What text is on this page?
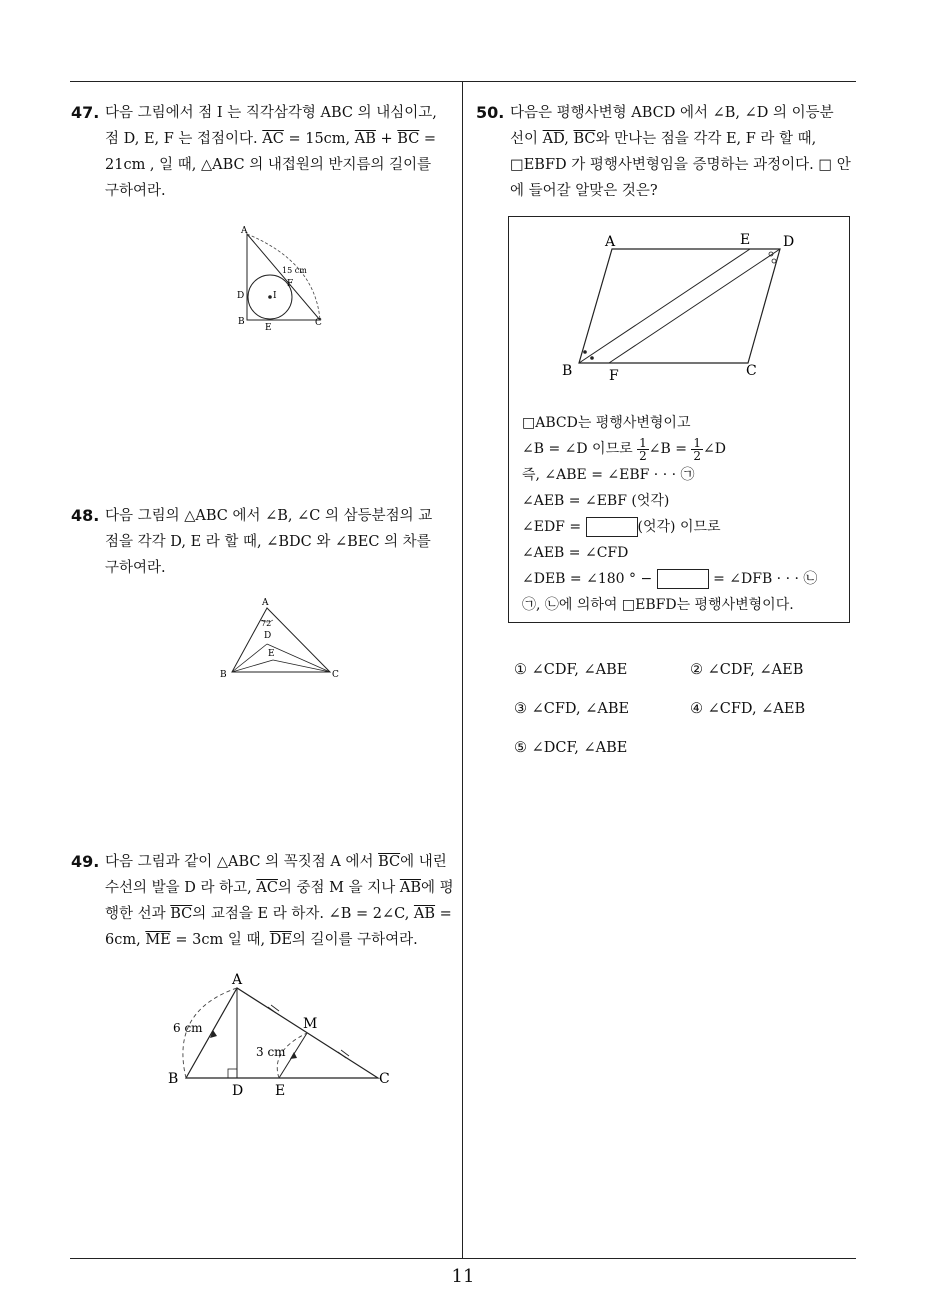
47. 다음 그림에서 점 I 는 직각삼각형 ABC 의 내심이고,
점 D, E, F 는 접점이다. $\overline{AC} = 15cm$, $\overline{AB} + \overline{BC}$ =
21cm , 일 때, △ABC 의 내접원의 반지름의 길이를
구하여라.
A
B	C
D
E
F
I
15 cm
48. 다음 그림의 △ABC 에서 ∠B, ∠C 의 삼등분점의 교
점을 각각 D, E 라 할 때, ∠BDC 와 ∠BEC 의 차를
구하여라.
A
B	C
D
E
72
49. 다음 그림과 같이 △ABC 의 꼭짓점 A 에서 $\overline{BC}$에 내린
수선의 발을 D 라 하고, $\overline{AC}$의 중점 M 을 지나 $\overline{AB}$에 평
행한 선과 $\overline{BC}$의 교점을 E 라 하자. ∠B = 2∠C, $\overline{AB}$ =
6cm, $\overline{ME} = 3cm$ 일 때, $\overline{DE}$의 길이를 구하여라.
A
B	C
D E
M
6 cm
3 cm
50. 다음은 평행사변형 ABCD 에서 ∠B, ∠D 의 이등분
선이 $\overline{AD}$, $\overline{BC}$와 만나는 점을 각각 E, F 라 할 때,
□EBFD 가 평행사변형임을 증명하는 과정이다. □ 안
에 들어갈 알맞은 것은?
A	E D
B	F	C
□ABCD는 평행사변형이고
∠B = ∠D 이므로 $\frac{1}{2}$ ∠B = $\frac{1}{2}$ ∠D
즉, ∠ABE = ∠EBF · · · ㉠
∠AEB = ∠EBF (엇각)
∠EDF =	(엇각) 이므로
∠AEB = ∠CFD
∠DEB = ∠180 ° −	= ∠DFB · · · ㉡
㉠, ㉡에 의하여 □EBFD는 평행사변형이다.
① ∠CDF, ∠ABE	② ∠CDF, ∠AEB
③ ∠CFD, ∠ABE	④ ∠CFD, ∠AEB
⑤ ∠DCF, ∠ABE
11
